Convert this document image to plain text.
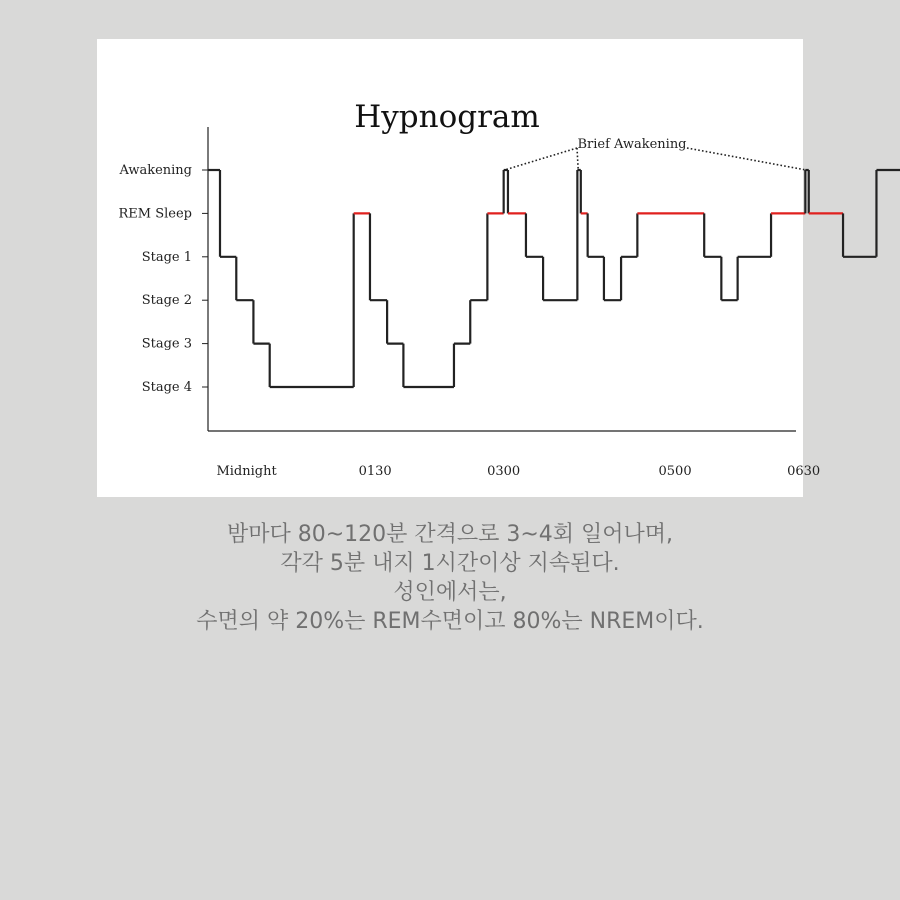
Hypnogram
Awakening
REM Sleep
Stage 1
Stage 2
Stage 3
Stage 4
Midnight	0130	0300	0500	0630
Brief Awakening
밤마다 80~120분 간격으로 3~4회 일어나며,
각각 5분 내지 1시간이상 지속된다.
성인에서는,
수면의 약 20%는 REM수면이고 80%는 NREM이다.
